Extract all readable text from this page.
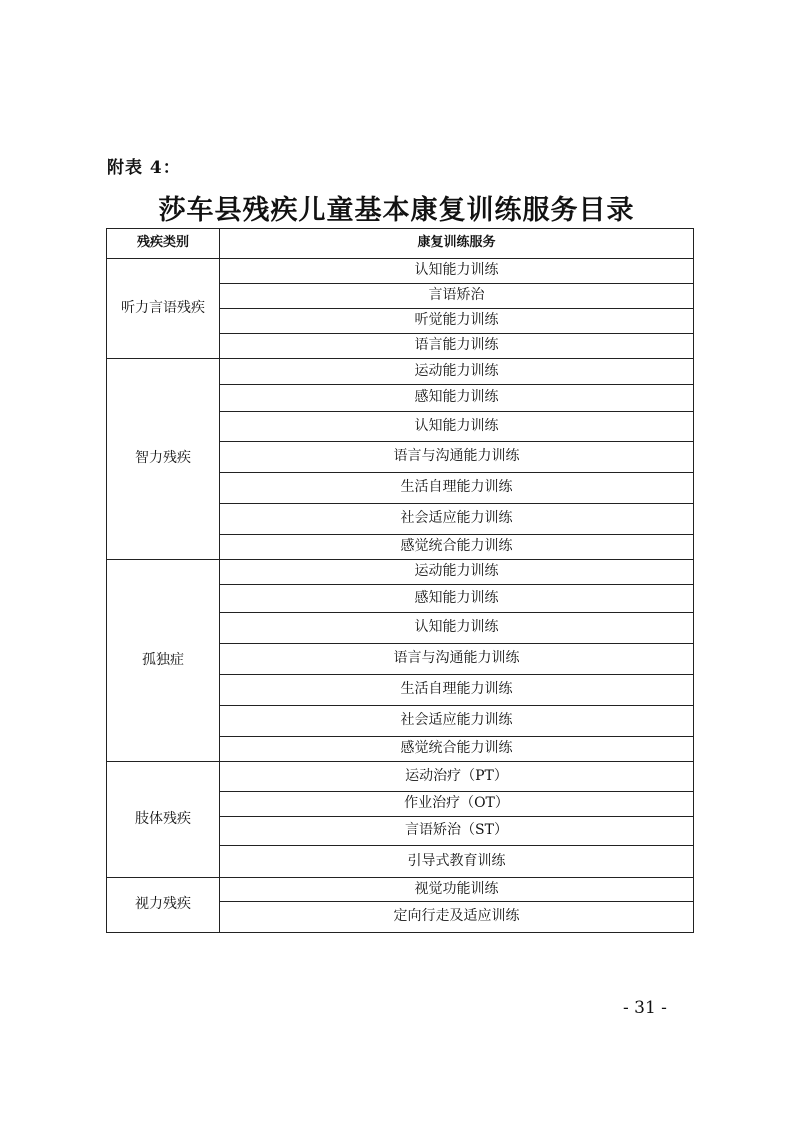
附表 4：
莎车县残疾儿童基本康复训练服务目录
残疾类别	康复训练服务
听力言语残疾	认知能力训练
	言语矫治
	听觉能力训练
	语言能力训练
智力残疾	运动能力训练
	感知能力训练
	认知能力训练
	语言与沟通能力训练
	生活自理能力训练
	社会适应能力训练
	感觉统合能力训练
孤独症	运动能力训练
	感知能力训练
	认知能力训练
	语言与沟通能力训练
	生活自理能力训练
	社会适应能力训练
	感觉统合能力训练
肢体残疾	运动治疗（PT）
	作业治疗（OT）
	言语矫治（ST）
	引导式教育训练
视力残疾	视觉功能训练
	定向行走及适应训练
- 31 -
